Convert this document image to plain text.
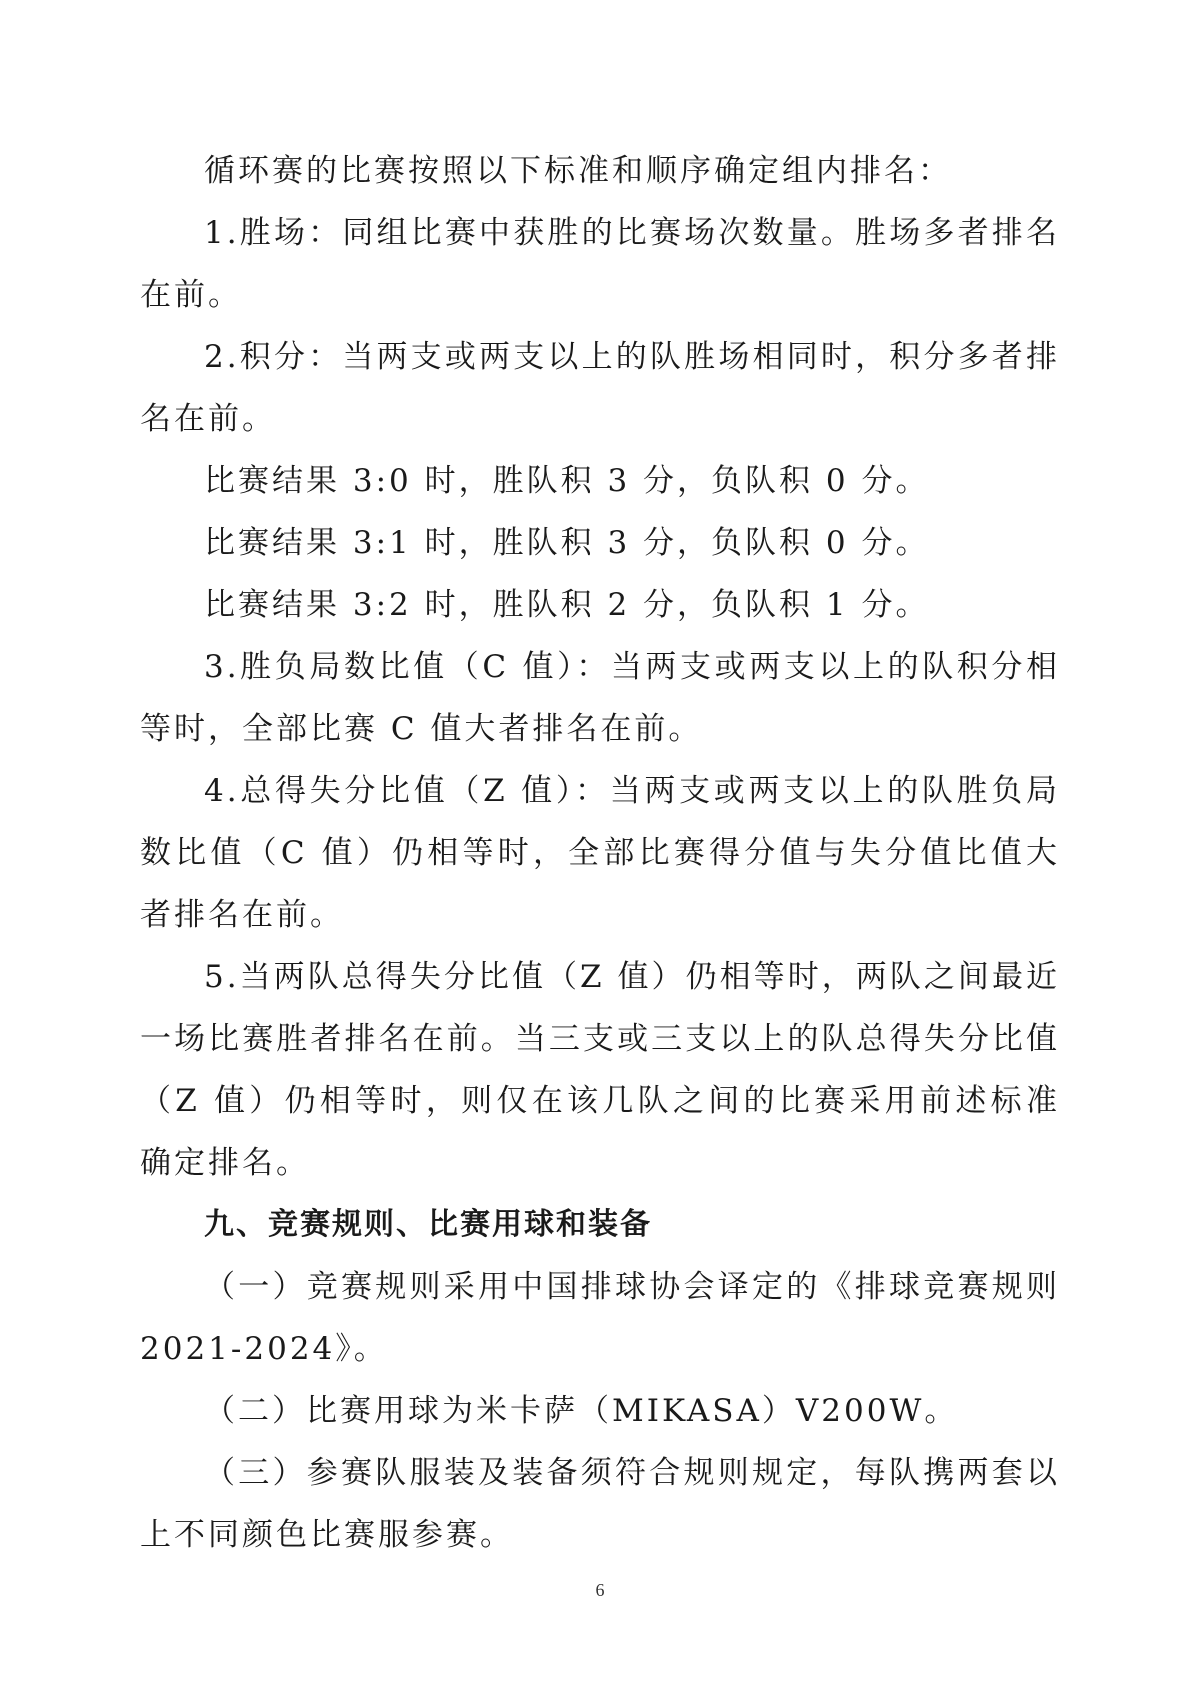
循环赛的比赛按照以下标准和顺序确定组内排名：

1.胜场：同组比赛中获胜的比赛场次数量。胜场多者排名在前。

2.积分：当两支或两支以上的队胜场相同时，积分多者排名在前。

比赛结果 3:0 时，胜队积 3 分，负队积 0 分。

比赛结果 3:1 时，胜队积 3 分，负队积 0 分。

比赛结果 3:2 时，胜队积 2 分，负队积 1 分。

3.胜负局数比值（C 值）：当两支或两支以上的队积分相等时，全部比赛 C 值大者排名在前。

4.总得失分比值（Z 值）：当两支或两支以上的队胜负局数比值（C 值）仍相等时，全部比赛得分值与失分值比值大者排名在前。

5.当两队总得失分比值（Z 值）仍相等时，两队之间最近一场比赛胜者排名在前。当三支或三支以上的队总得失分比值（Z 值）仍相等时，则仅在该几队之间的比赛采用前述标准确定排名。

九、竞赛规则、比赛用球和装备

（一）竞赛规则采用中国排球协会译定的《排球竞赛规则 2021-2024》。

（二）比赛用球为米卡萨（MIKASA）V200W。

（三）参赛队服装及装备须符合规则规定，每队携两套以上不同颜色比赛服参赛。

6
